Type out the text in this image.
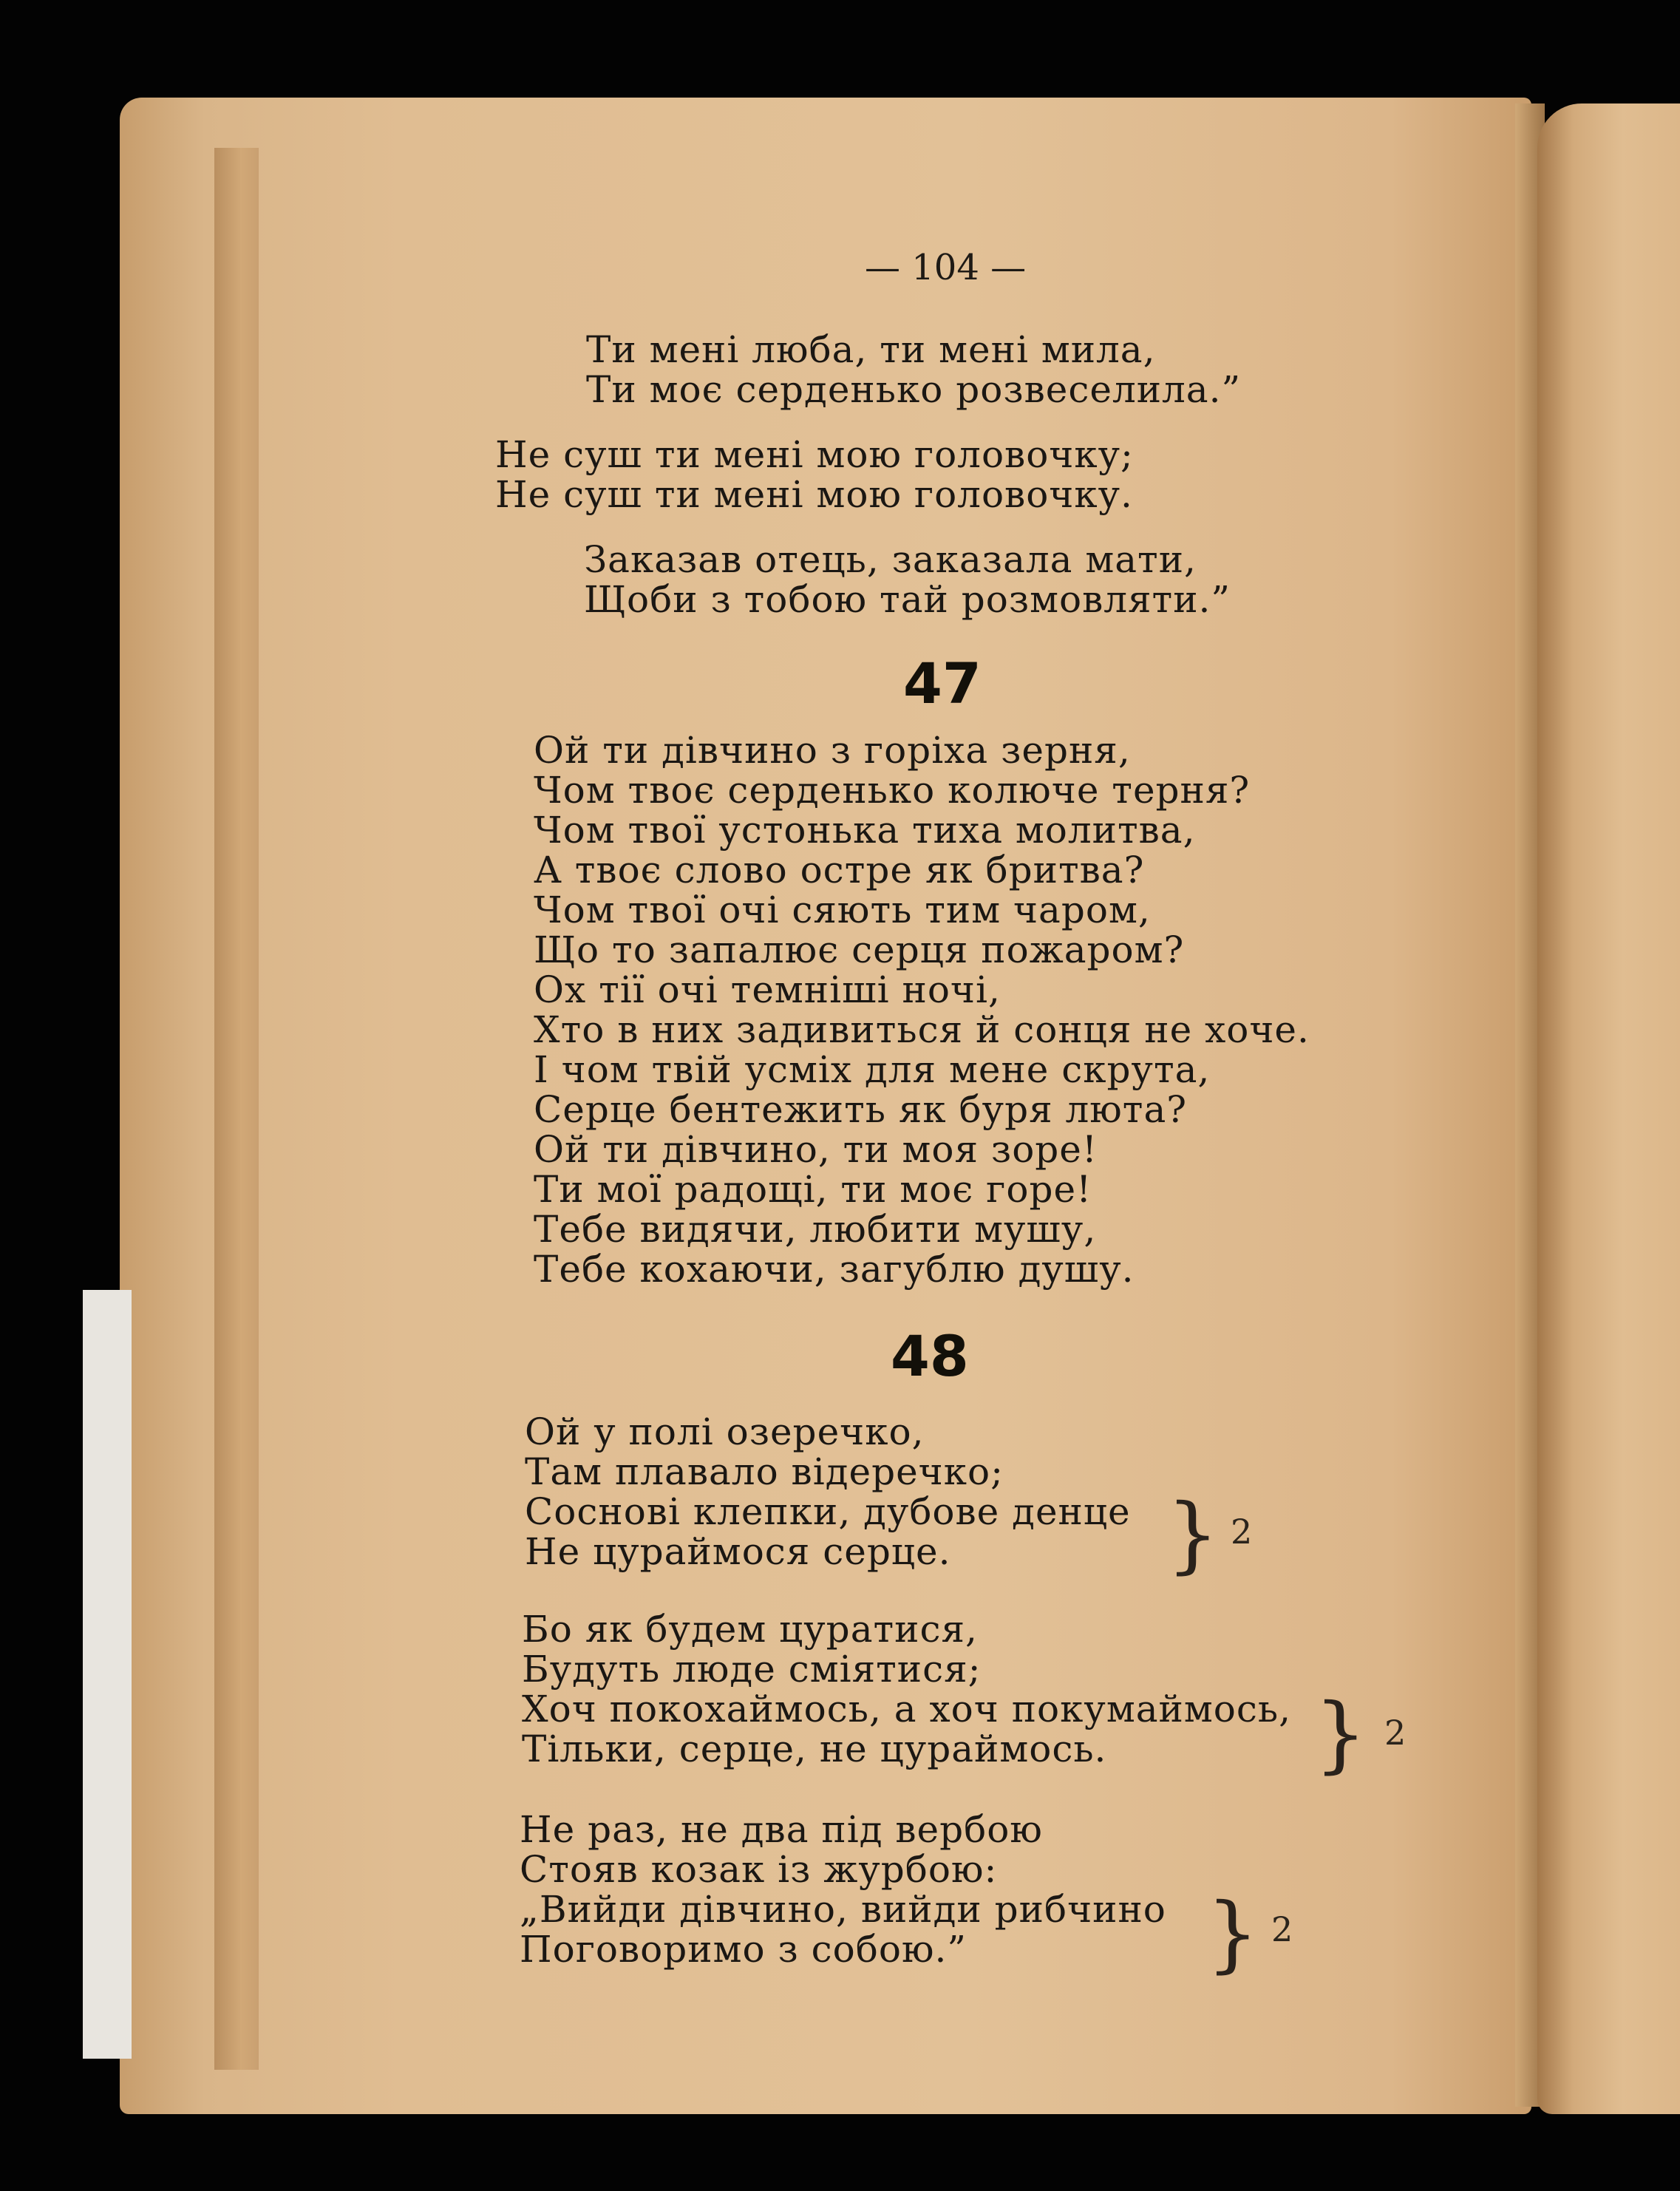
— 104 —
Ти мені люба, ти мені мила,
Ти моє серденько розвеселила.”
Не суш ти мені мою головочку;
Не суш ти мені мою головочку.
Заказав отець, заказала мати,
Щоби з тобою тай розмовляти.”
47
Ой ти дівчино з горіха зерня,
Чом твоє серденько колюче терня?
Чом твої устонька тиха молитва,
А твоє слово остре як бритва?
Чом твої очі сяють тим чаром,
Що то запалює серця пожаром?
Ох тії очі темніші ночі,
Хто в них задивиться й сонця не хоче.
І чом твій усміх для мене скрута,
Серце бентежить як буря люта?
Ой ти дівчино, ти моя зоре!
Ти мої радощі, ти моє горе!
Тебе видячи, любити мушу,
Тебе кохаючи, загублю душу.
48
Ой у полі озеречко,
Там плавало відеречко;
Соснові клепки, дубове денце
Не цураймося серце.	} 2
Бо як будем цуратися,
Будуть люде сміятися;
Хоч покохаймось, а хоч покумаймось,
Тільки, серце, не цураймось.	} 2
Не раз, не два під вербою
Стояв козак із журбою:
„Вийди дівчино, вийди рибчино
Поговоримо з собою.”	} 2
